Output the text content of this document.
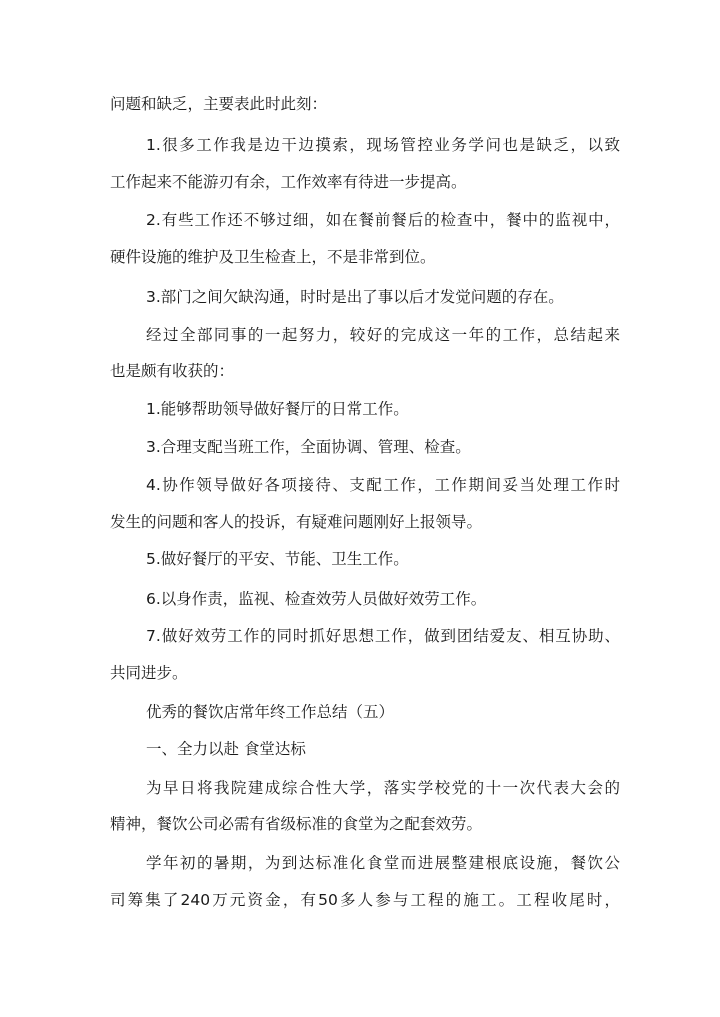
问题和缺乏，主要表此时此刻：
1.很多工作我是边干边摸索，现场管控业务学问也是缺乏，以致
工作起来不能游刃有余，工作效率有待进一步提高。
2.有些工作还不够过细，如在餐前餐后的检查中，餐中的监视中，
硬件设施的维护及卫生检查上，不是非常到位。
3.部门之间欠缺沟通，时时是出了事以后才发觉问题的存在。
经过全部同事的一起努力，较好的完成这一年的工作，总结起来
也是颇有收获的：
1.能够帮助领导做好餐厅的日常工作。
3.合理支配当班工作，全面协调、管理、检查。
4.协作领导做好各项接待、支配工作，工作期间妥当处理工作时
发生的问题和客人的投诉，有疑难问题刚好上报领导。
5.做好餐厅的平安、节能、卫生工作。
6.以身作责，监视、检查效劳人员做好效劳工作。
7.做好效劳工作的同时抓好思想工作，做到团结爱友、相互协助、
共同进步。
优秀的餐饮店常年终工作总结（五）
一、全力以赴 食堂达标
为早日将我院建成综合性大学，落实学校党的十一次代表大会的
精神，餐饮公司必需有省级标准的食堂为之配套效劳。
学年初的暑期，为到达标准化食堂而进展整建根底设施，餐饮公
司筹集了240万元资金，有50多人参与工程的施工。工程收尾时，
